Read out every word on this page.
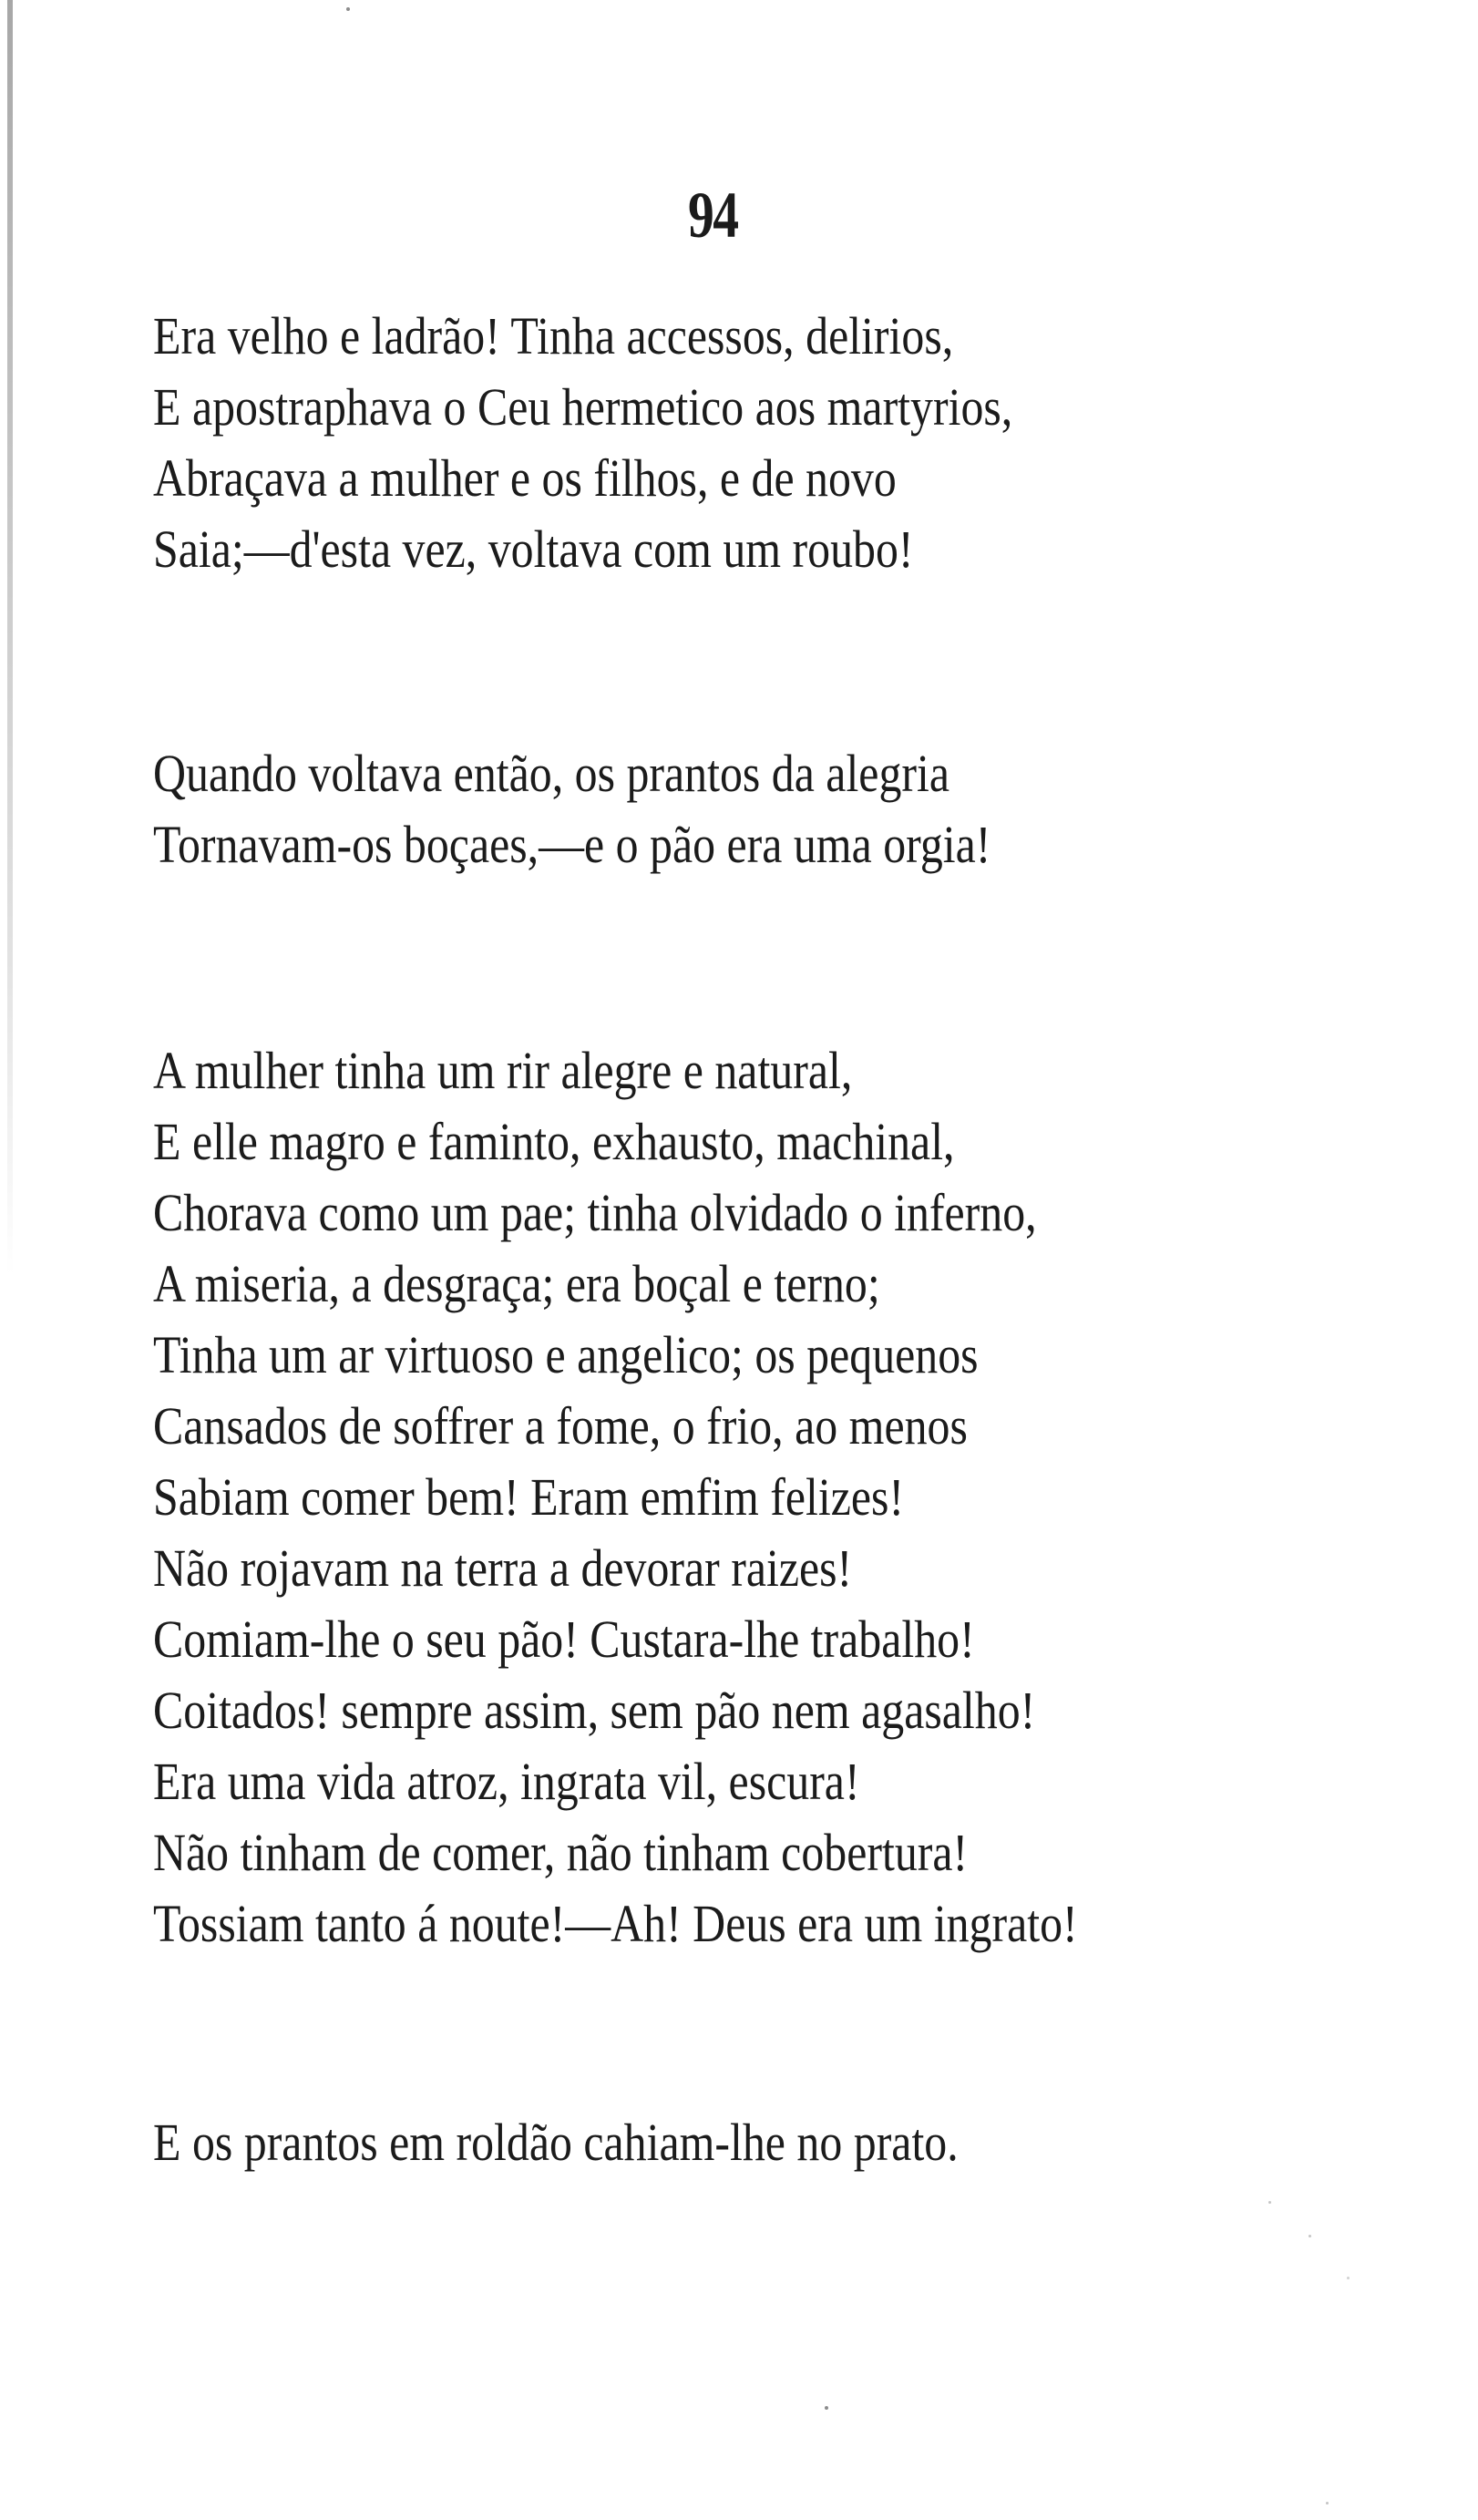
94
Era velho e ladrão! Tinha accessos, delirios,
E apostraphava o Ceu hermetico aos martyrios,
Abraçava a mulher e os filhos, e de novo
Saia;—d'esta vez, voltava com um roubo!
Quando voltava então, os prantos da alegria
Tornavam-os boçaes,—e o pão era uma orgia!
A mulher tinha um rir alegre e natural,
E elle magro e faminto, exhausto, machinal,
Chorava como um pae; tinha olvidado o inferno,
A miseria, a desgraça; era boçal e terno;
Tinha um ar virtuoso e angelico; os pequenos
Cansados de soffrer a fome, o frio, ao menos
Sabiam comer bem! Eram emfim felizes!
Não rojavam na terra a devorar raizes!
Comiam-lhe o seu pão! Custara-lhe trabalho!
Coitados! sempre assim, sem pão nem agasalho!
Era uma vida atroz, ingrata vil, escura!
Não tinham de comer, não tinham cobertura!
Tossiam tanto á noute!—Ah! Deus era um ingrato!
E os prantos em roldão cahiam-lhe no prato.
